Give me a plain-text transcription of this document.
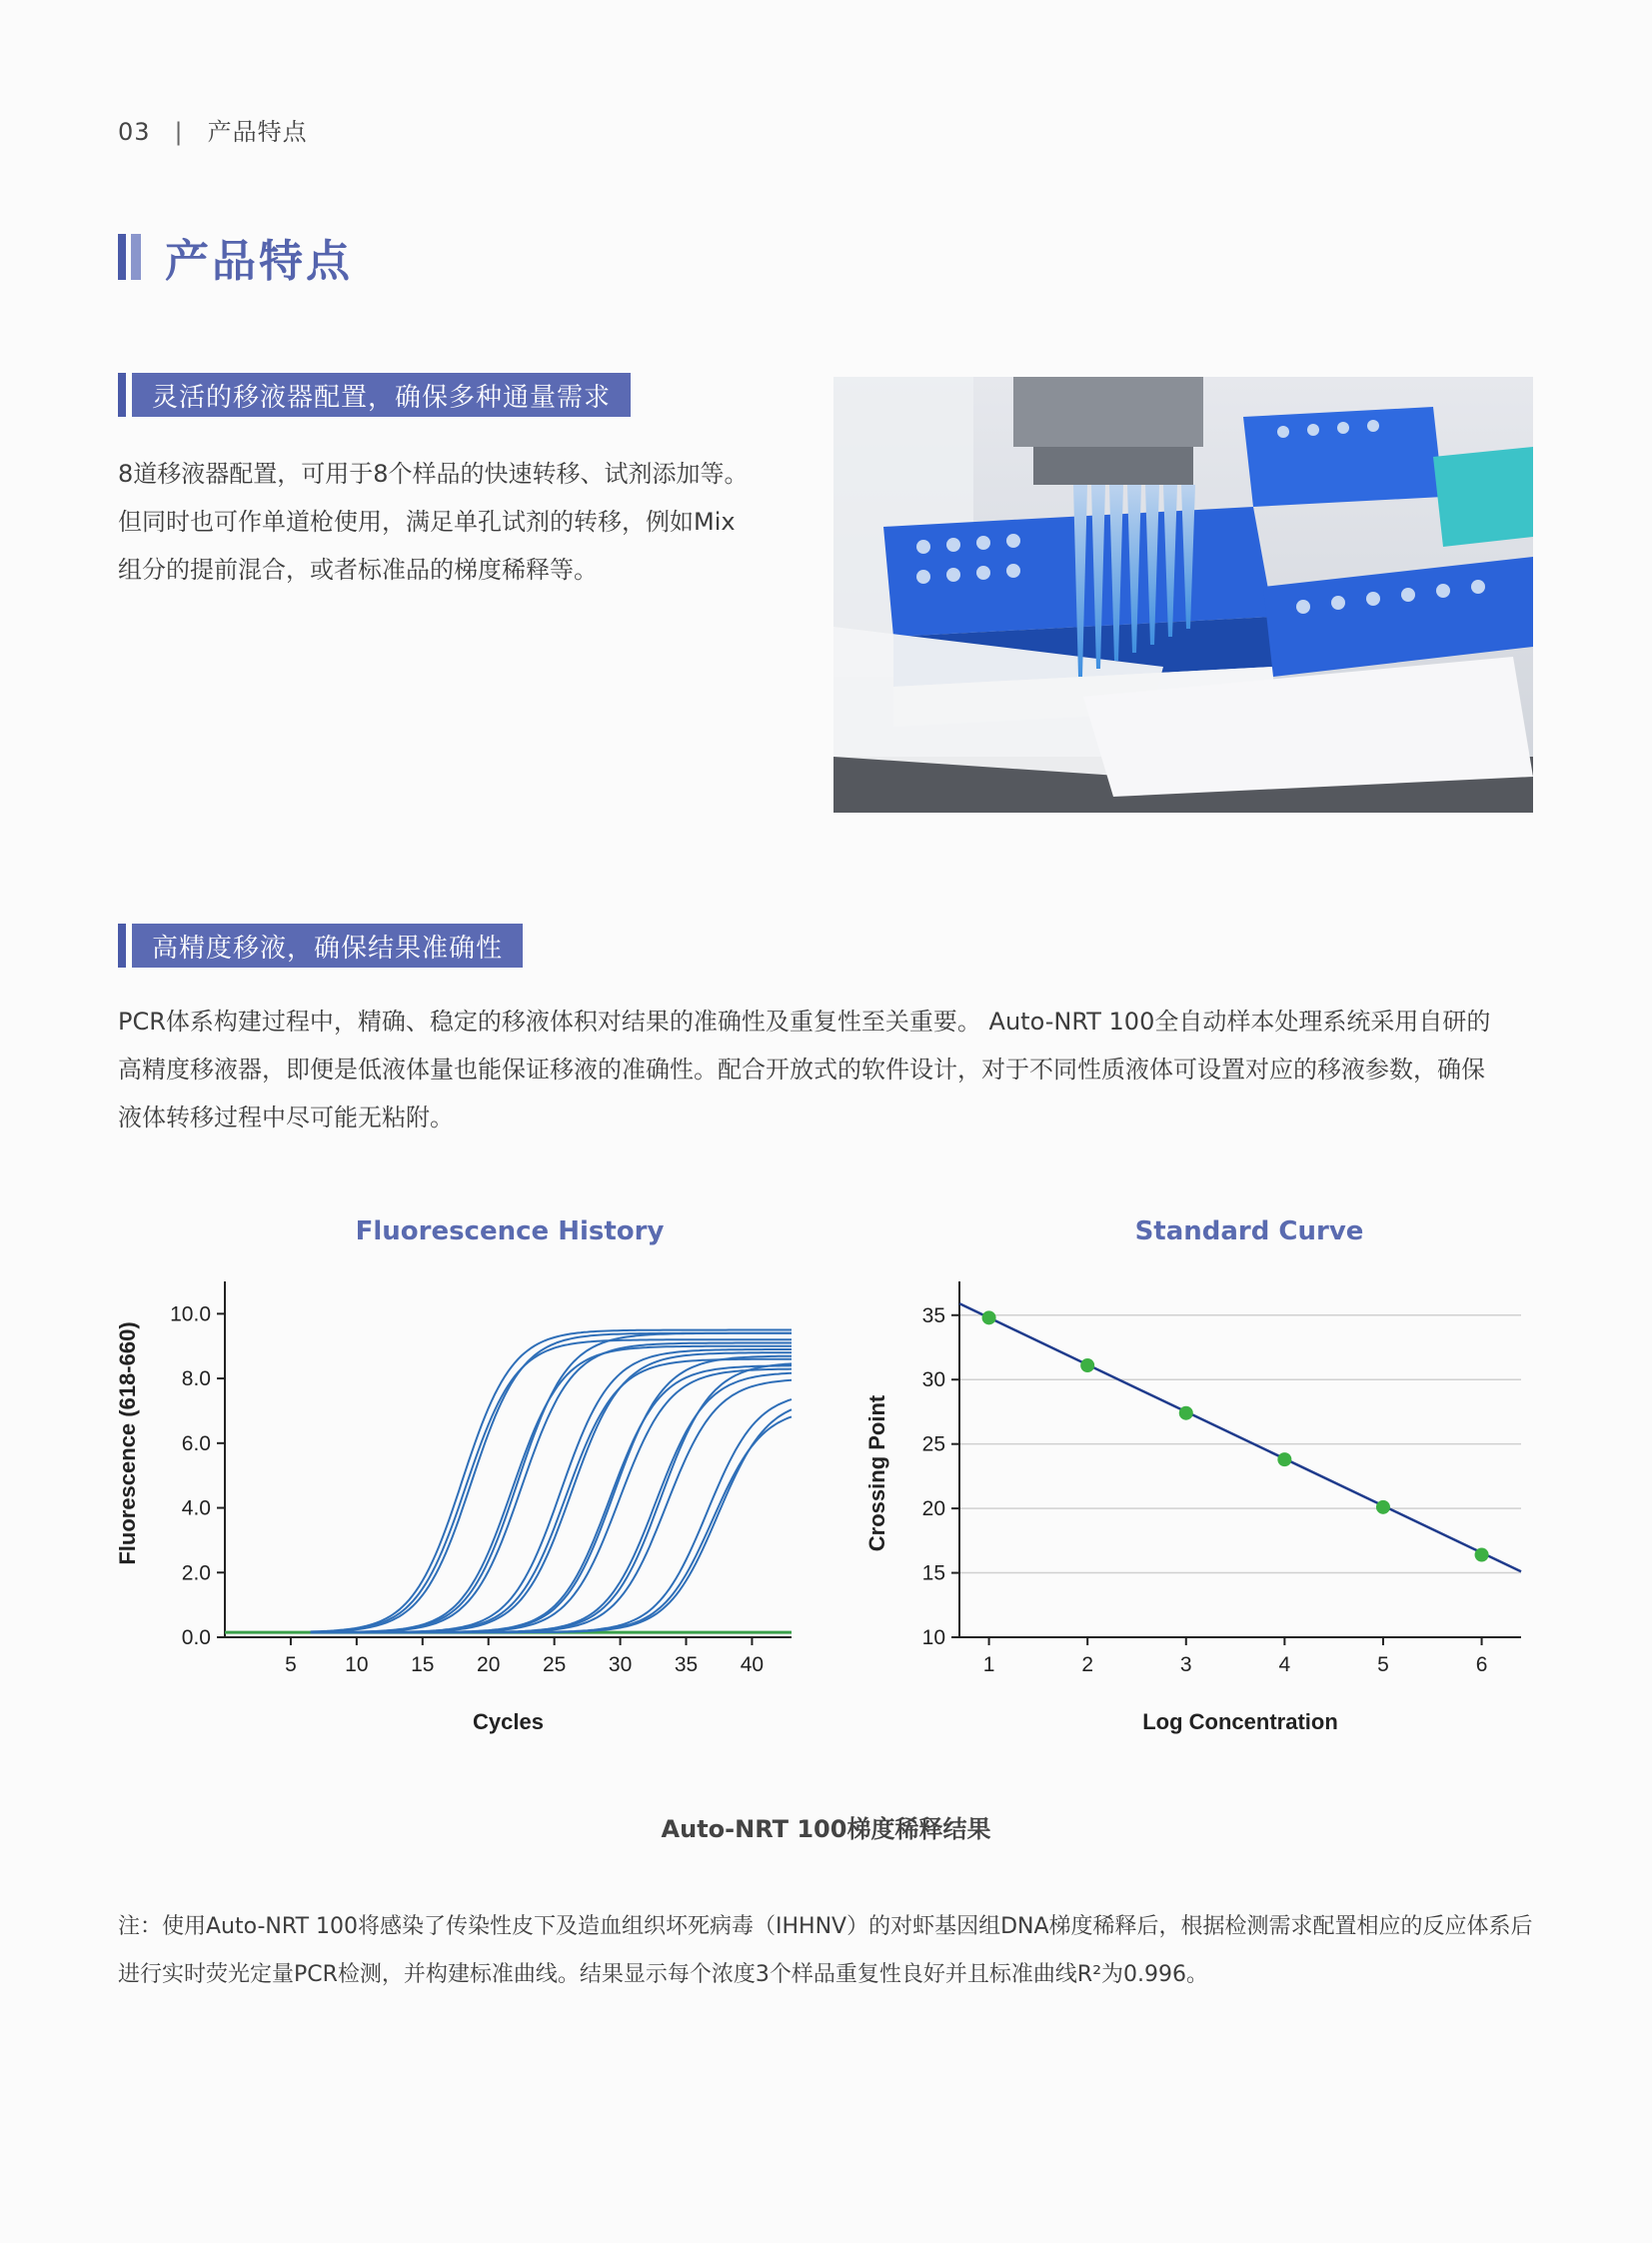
03 | 产品特点
产品特点
灵活的移液器配置，确保多种通量需求

8道移液器配置，可用于8个样品的快速转移、试剂添加等。

但同时也可作单道枪使用，满足单孔试剂的转移，例如Mix

组分的提前混合，或者标准品的梯度稀释等。

高精度移液，确保结果准确性

PCR体系构建过程中，精确、稳定的移液体积对结果的准确性及重复性至关重要。 Auto-NRT 100全自动样本处理系统采用自研的

高精度移液器，即便是低液体量也能保证移液的准确性。配合开放式的软件设计，对于不同性质液体可设置对应的移液参数，确保

液体转移过程中尽可能无粘附。

Fluorescence History
0.0
2.0
4.0
6.0
8.0
10.0
5 10 15 20 25 30 35 40
Cycles
Fluorescence (618-660)
Standard Curve
10
15
20
25
30
35
1	2	3	4	5	6
Log Concentration
Crossing Point
Auto-NRT 100梯度稀释结果

注：使用Auto-NRT 100将感染了传染性皮下及造血组织坏死病毒（IHHNV）的对虾基因组DNA梯度稀释后，根据检测需求配置相应的反应体系后

进行实时荧光定量PCR检测，并构建标准曲线。结果显示每个浓度3个样品重复性良好并且标准曲线R²为0.996。
